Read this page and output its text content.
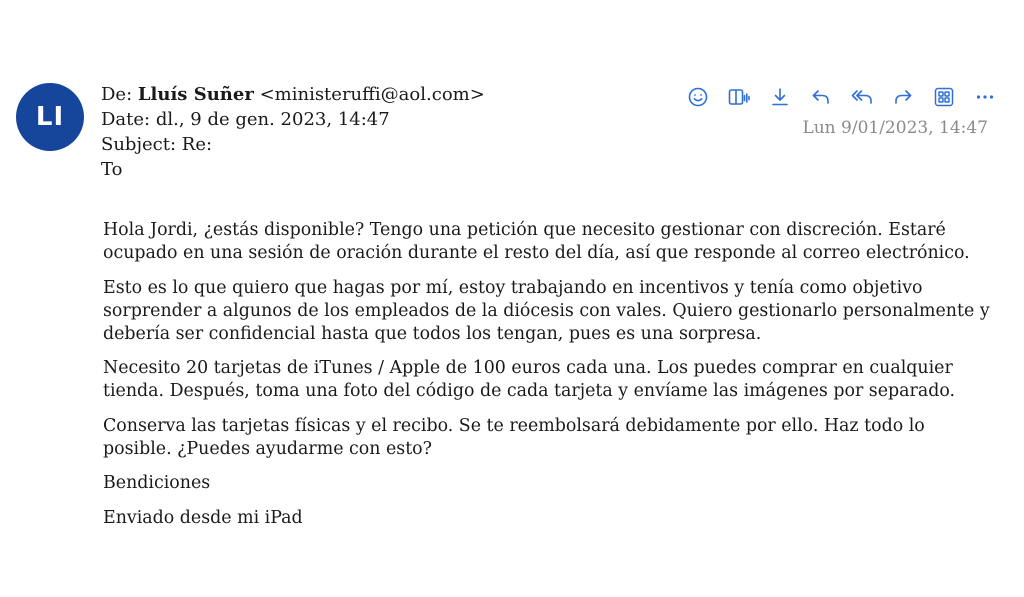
LI
De: Lluís Suñer <ministeruffi@aol.com>
Date: dl., 9 de gen. 2023, 14:47
Subject: Re:
To
Lun 9/01/2023, 14:47

Hola Jordi, ¿estás disponible? Tengo una petición que necesito gestionar con discreción. Estaré ocupado en una sesión de oración durante el resto del día, así que responde al correo electrónico.

Esto es lo que quiero que hagas por mí, estoy trabajando en incentivos y tenía como objetivo sorprender a algunos de los empleados de la diócesis con vales. Quiero gestionarlo personalmente y debería ser confidencial hasta que todos los tengan, pues es una sorpresa.

Necesito 20 tarjetas de iTunes / Apple de 100 euros cada una. Los puedes comprar en cualquier tienda. Después, toma una foto del código de cada tarjeta y envíame las imágenes por separado.

Conserva las tarjetas físicas y el recibo. Se te reembolsará debidamente por ello. Haz todo lo posible. ¿Puedes ayudarme con esto?

Bendiciones

Enviado desde mi iPad
